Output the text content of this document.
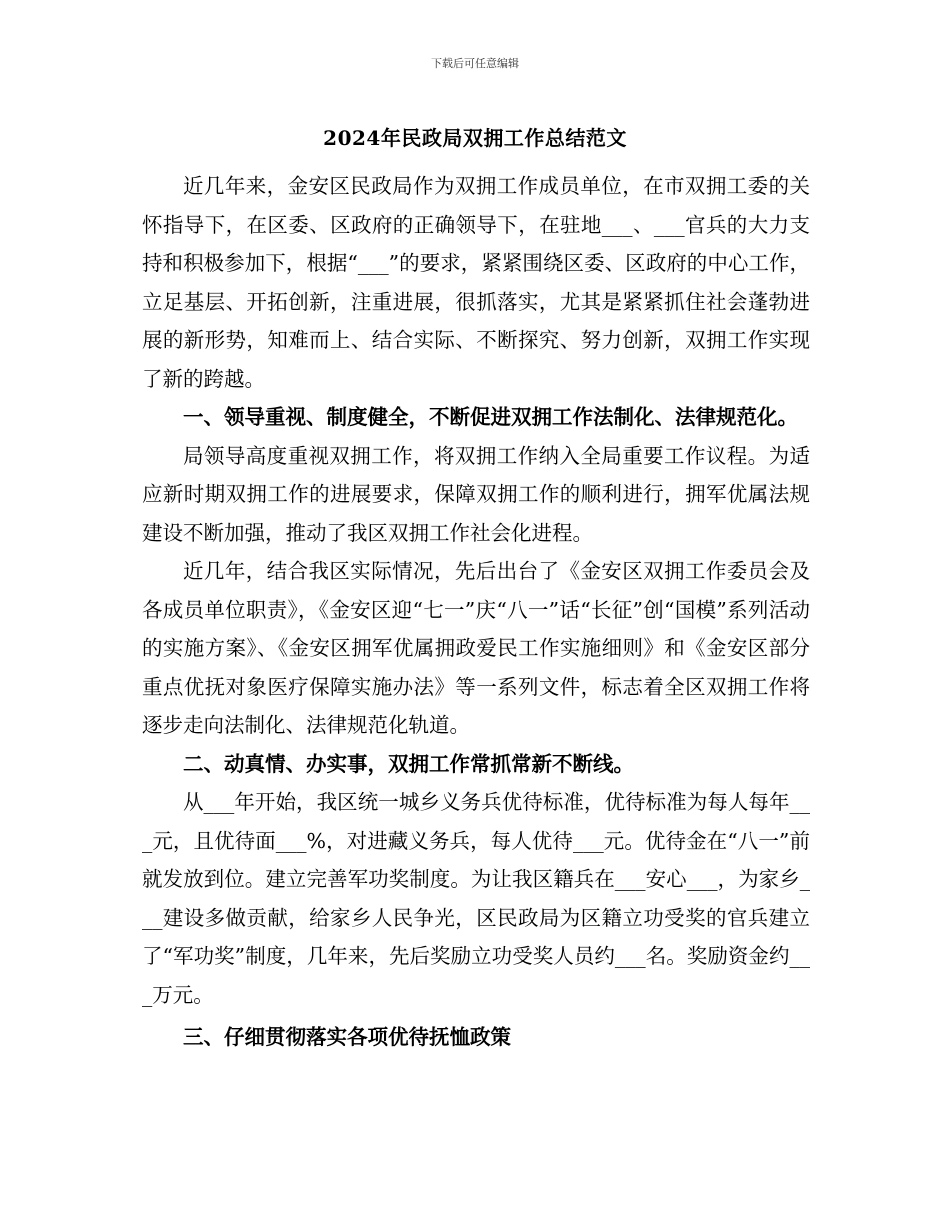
下载后可任意编辑
2024年民政局双拥工作总结范文

近几年来，金安区民政局作为双拥工作成员单位，在市双拥工委的关怀指导下，在区委、区政府的正确领导下，在驻地___、___官兵的大力支持和积极参加下，根据“___”的要求，紧紧围绕区委、区政府的中心工作，立足基层、开拓创新，注重进展，很抓落实，尤其是紧紧抓住社会蓬勃进展的新形势，知难而上、结合实际、不断探究、努力创新，双拥工作实现了新的跨越。

一、领导重视、制度健全，不断促进双拥工作法制化、法律规范化。

局领导高度重视双拥工作，将双拥工作纳入全局重要工作议程。为适应新时期双拥工作的进展要求，保障双拥工作的顺利进行，拥军优属法规建设不断加强，推动了我区双拥工作社会化进程。

近几年，结合我区实际情况，先后出台了《金安区双拥工作委员会及各成员单位职责》，《金安区迎“七一”庆“八一”话“长征”创“国模”系列活动的实施方案》、《金安区拥军优属拥政爱民工作实施细则》和《金安区部分重点优抚对象医疗保障实施办法》等一系列文件，标志着全区双拥工作将逐步走向法制化、法律规范化轨道。

二、动真情、办实事，双拥工作常抓常新不断线。

从___年开始，我区统一城乡义务兵优待标准，优待标准为每人每年___元，且优待面___%，对进藏义务兵，每人优待___元。优待金在“八一”前就发放到位。建立完善军功奖制度。为让我区籍兵在___安心___，为家乡___建设多做贡献，给家乡人民争光，区民政局为区籍立功受奖的官兵建立了“军功奖”制度，几年来，先后奖励立功受奖人员约___名。奖励资金约___万元。

三、仔细贯彻落实各项优待抚恤政策
